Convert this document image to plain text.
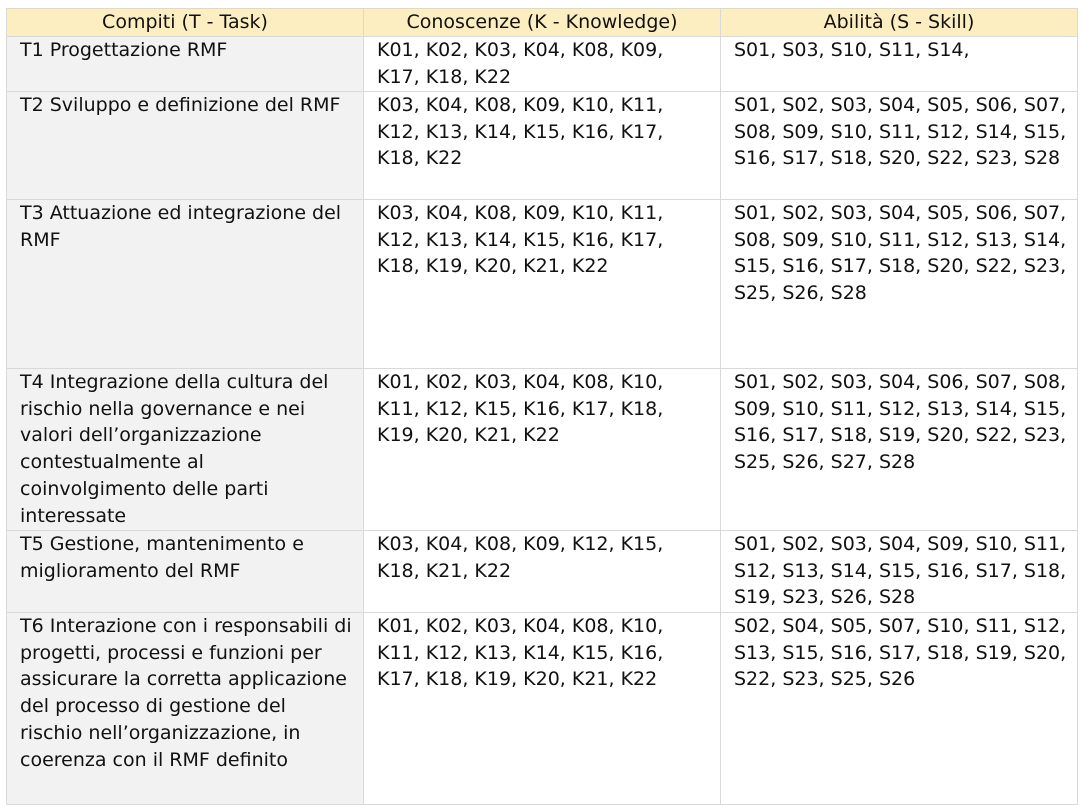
Compiti (T - Task)	Conoscenze (K - Knowledge)	Abilità (S - Skill)
T1 Progettazione RMF	K01, K02, K03, K04, K08, K09, K17, K18, K22	S01, S03, S10, S11, S14,
T2 Sviluppo e definizione del RMF	K03, K04, K08, K09, K10, K11, K12, K13, K14, K15, K16, K17, K18, K22	S01, S02, S03, S04, S05, S06, S07, S08, S09, S10, S11, S12, S14, S15, S16, S17, S18, S20, S22, S23, S28
T3 Attuazione ed integrazione del RMF	K03, K04, K08, K09, K10, K11, K12, K13, K14, K15, K16, K17, K18, K19, K20, K21, K22	S01, S02, S03, S04, S05, S06, S07, S08, S09, S10, S11, S12, S13, S14, S15, S16, S17, S18, S20, S22, S23, S25, S26, S28
T4 Integrazione della cultura del rischio nella governance e nei valori dell’organizzazione contestualmente al coinvolgimento delle parti interessate	K01, K02, K03, K04, K08, K10, K11, K12, K15, K16, K17, K18, K19, K20, K21, K22	S01, S02, S03, S04, S06, S07, S08, S09, S10, S11, S12, S13, S14, S15, S16, S17, S18, S19, S20, S22, S23, S25, S26, S27, S28
T5 Gestione, mantenimento e miglioramento del RMF	K03, K04, K08, K09, K12, K15, K18, K21, K22	S01, S02, S03, S04, S09, S10, S11, S12, S13, S14, S15, S16, S17, S18, S19, S23, S26, S28
T6 Interazione con i responsabili di progetti, processi e funzioni per assicurare la corretta applicazione del processo di gestione del rischio nell’organizzazione, in coerenza con il RMF definito	K01, K02, K03, K04, K08, K10, K11, K12, K13, K14, K15, K16, K17, K18, K19, K20, K21, K22	S02, S04, S05, S07, S10, S11, S12, S13, S15, S16, S17, S18, S19, S20, S22, S23, S25, S26
